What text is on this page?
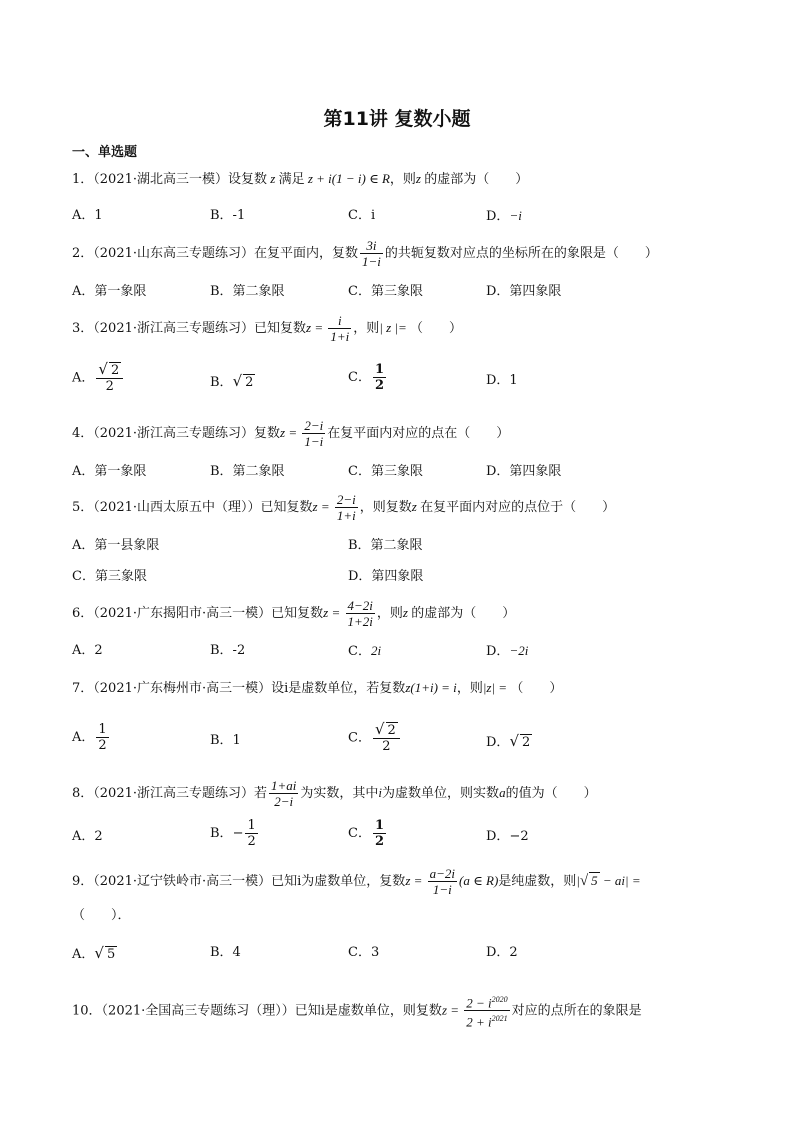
第11讲 复数小题
一、单选题
1．（2021·湖北高三一模）设复数 z 满足 z + i(1 − i) ∈ R，则z 的虚部为（　　）
A．1	B．-1	C．i	D．−i
2．（2021·山东高三专题练习）在复平面内，复数 $\frac{3i}{1-i}$ 的共轭复数对应点的坐标所在的象限是（　　）
A．第一象限	B．第二象限	C．第三象限	D．第四象限
3．（2021·浙江高三专题练习）已知复数$z = \frac{i}{1+i}$ ，则| z |= （　　）
A． $\frac{√ 2}{2}$	B．√ 2	C． $\frac{1}{2}$	D．1
4．（2021·浙江高三专题练习）复数$z = \frac{2-i}{1-i}$ 在复平面内对应的点在（　　）
A．第一象限	B．第二象限	C．第三象限	D．第四象限
5．（2021·山西太原五中（理））已知复数$z = \frac{2-i}{1+i}$ ，则复数z 在复平面内对应的点位于（　　）
A．第一县象限	B．第二象限
C．第三象限	D．第四象限
6．（2021·广东揭阳市·高三一模）已知复数$z = \frac{4-2i}{1+2i}$ ，则z 的虚部为（　　）
A．2	B．-2	C．2i	D．−2i
7．（2021·广东梅州市·高三一模）设i是虚数单位，若复数z(1+i) = i，则|z| = （　　）
A． $\frac{1}{2}$	B．1	C． $\frac{√ 2}{2}$	D．√ 2
8．（2021·浙江高三专题练习）若 $\frac{1+ai}{2-i}$ 为实数，其中i为虚数单位，则实数a的值为（　　）
A．2	B．− $\frac{1}{2}$	C． $\frac{1}{2}$	D．−2
9．（2021·辽宁铁岭市·高三一模）已知i为虚数单位，复数$z = \frac{a-2i}{1-i} (a$ ∈ R)是纯虚数，则|√ 5 − ai| =
（　　）．
A．√ 5	B．4	C．3	D．2
10．（2021·全国高三专题练习（理））已知i是虚数单位，则复数$z = \frac{2 - i^{2020}}{2 + i^{2021}}$ 对应的点所在的象限是
